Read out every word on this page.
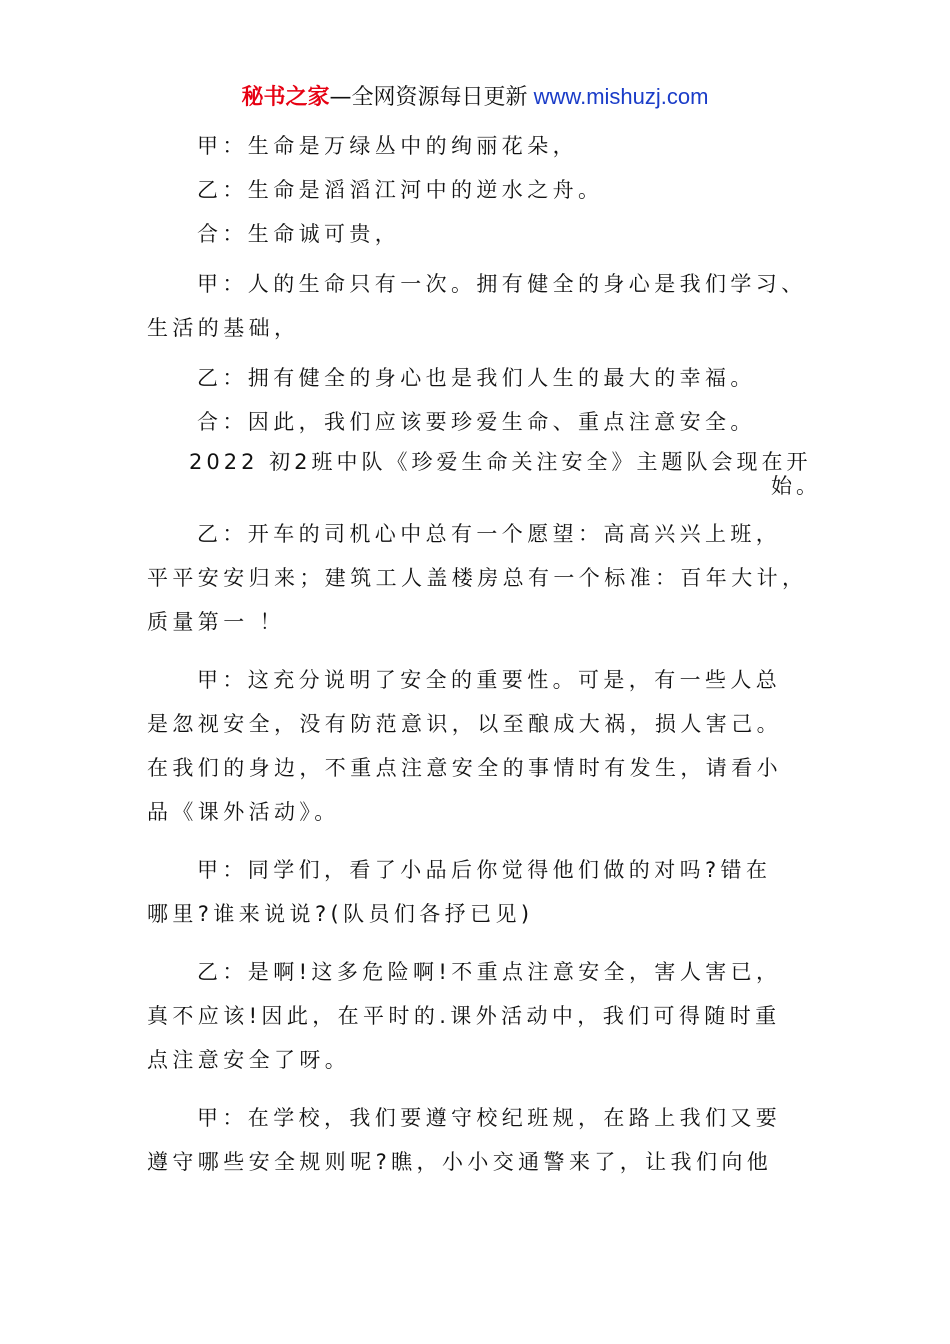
秘书之家—全网资源每日更新 www.mishuzj.com

甲：生命是万绿丛中的绚丽花朵，

乙：生命是滔滔江河中的逆水之舟。

合：生命诚可贵，

甲：人的生命只有一次。拥有健全的身心是我们学习、

生活的基础，

乙：拥有健全的身心也是我们人生的最大的幸福。

合：因此，我们应该要珍爱生命、重点注意安全。

2022 初2班中队《珍爱生命关注安全》主题队会现在开

始。

乙：开车的司机心中总有一个愿望：高高兴兴上班，

平平安安归来；建筑工人盖楼房总有一个标准：百年大计，

质量第一 ！

甲：这充分说明了安全的重要性。可是，有一些人总

是忽视安全，没有防范意识，以至酿成大祸，损人害己。

在我们的身边，不重点注意安全的事情时有发生，请看小

品《课外活动》。

甲：同学们，看了小品后你觉得他们做的对吗?错在

哪里?谁来说说?(队员们各抒已见)

乙：是啊!这多危险啊!不重点注意安全，害人害已，

真不应该!因此，在平时的.课外活动中，我们可得随时重

点注意安全了呀。

甲：在学校，我们要遵守校纪班规，在路上我们又要

遵守哪些安全规则呢?瞧，小小交通警来了，让我们向他
